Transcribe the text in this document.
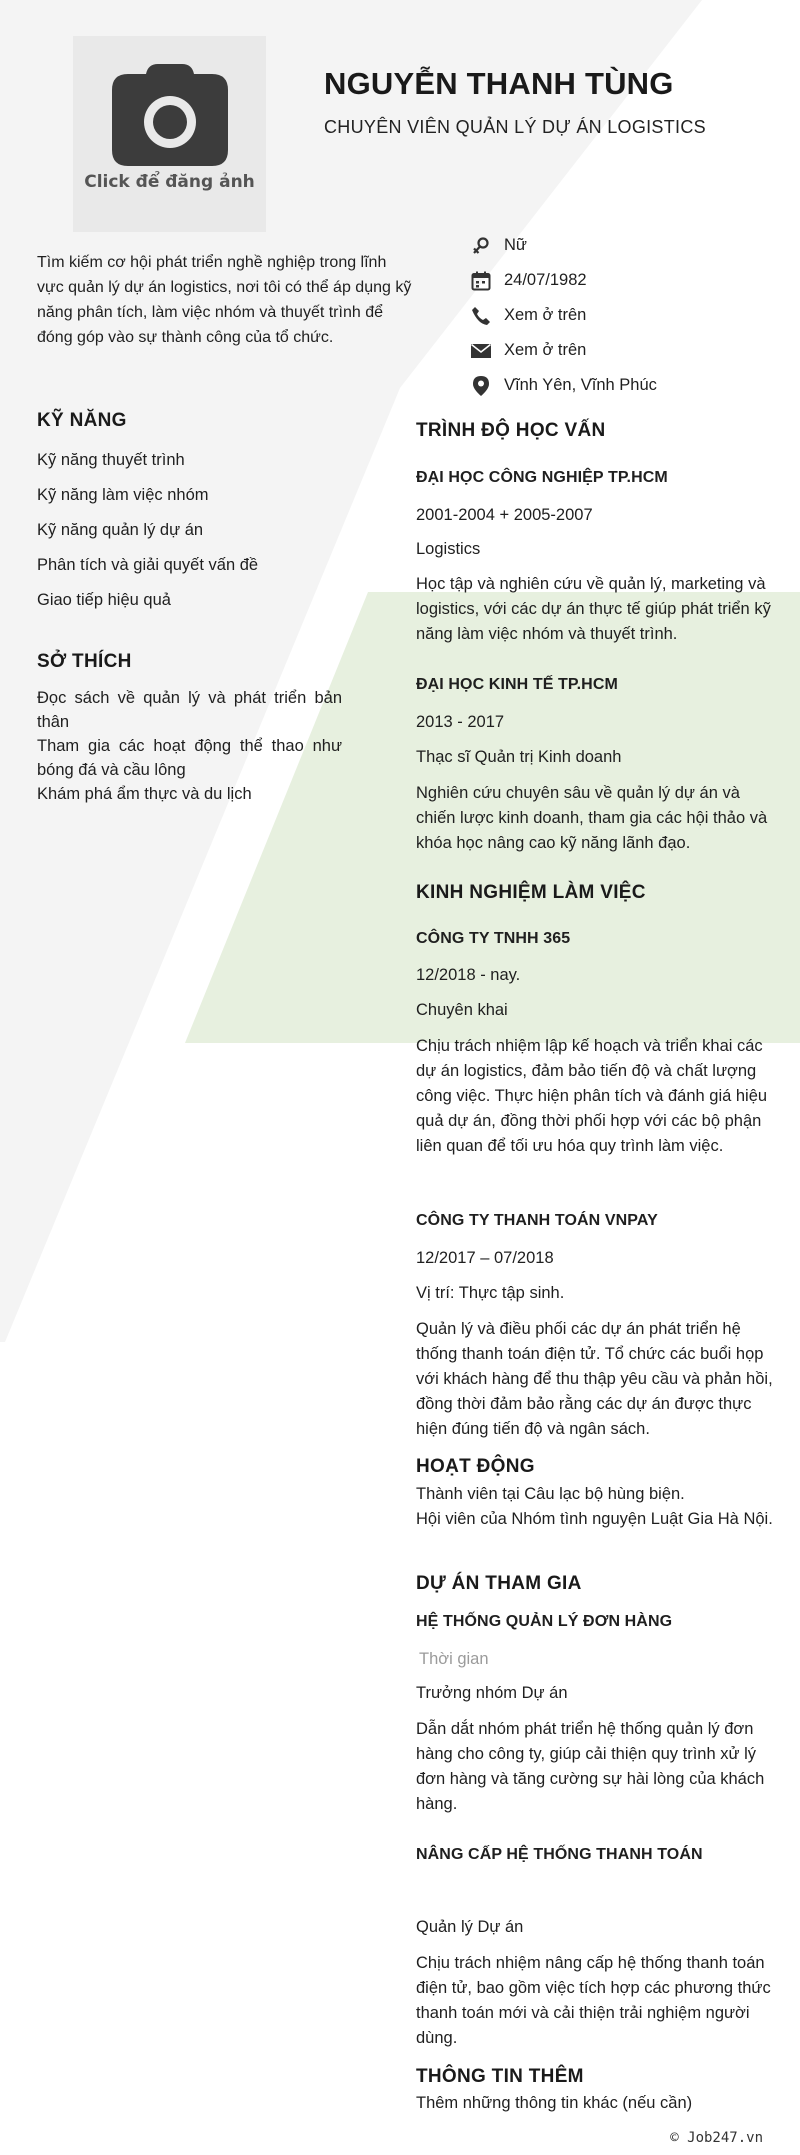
Click để đăng ảnh
NGUYỄN THANH TÙNG

CHUYÊN VIÊN QUẢN LÝ DỰ ÁN LOGISTICS

Tìm kiếm cơ hội phát triển nghề nghiệp trong lĩnh vực quản lý dự án logistics, nơi tôi có thể áp dụng kỹ năng phân tích, làm việc nhóm và thuyết trình để đóng góp vào sự thành công của tổ chức.

KỸ NĂNG
Kỹ năng thuyết trình
Kỹ năng làm việc nhóm
Kỹ năng quản lý dự án
Phân tích và giải quyết vấn đề
Giao tiếp hiệu quả
SỞ THÍCH
Đọc sách về quản lý và phát triển bản thân
Tham gia các hoạt động thể thao như bóng đá và cầu lông
Khám phá ẩm thực và du lịch
Nữ
24/07/1982
Xem ở trên
Xem ở trên
Vĩnh Yên, Vĩnh Phúc
TRÌNH ĐỘ HỌC VẤN

ĐẠI HỌC CÔNG NGHIỆP TP.HCM

2001-2004 + 2005-2007

Logistics

Học tập và nghiên cứu về quản lý, marketing và logistics, với các dự án thực tế giúp phát triển kỹ năng làm việc nhóm và thuyết trình.

ĐẠI HỌC KINH TẾ TP.HCM

2013 - 2017

Thạc sĩ Quản trị Kinh doanh

Nghiên cứu chuyên sâu về quản lý dự án và chiến lược kinh doanh, tham gia các hội thảo và khóa học nâng cao kỹ năng lãnh đạo.

KINH NGHIỆM LÀM VIỆC

CÔNG TY TNHH 365

12/2018 - nay.

Chuyên khai

Chịu trách nhiệm lập kế hoạch và triển khai các dự án logistics, đảm bảo tiến độ và chất lượng công việc. Thực hiện phân tích và đánh giá hiệu quả dự án, đồng thời phối hợp với các bộ phận liên quan để tối ưu hóa quy trình làm việc.

CÔNG TY THANH TOÁN VNPAY

12/2017 – 07/2018

Vị trí: Thực tập sinh.

Quản lý và điều phối các dự án phát triển hệ thống thanh toán điện tử. Tổ chức các buổi họp với khách hàng để thu thập yêu cầu và phản hồi, đồng thời đảm bảo rằng các dự án được thực hiện đúng tiến độ và ngân sách.

HOẠT ĐỘNG

Thành viên tại Câu lạc bộ hùng biện.

Hội viên của Nhóm tình nguyện Luật Gia Hà Nội.

DỰ ÁN THAM GIA

HỆ THỐNG QUẢN LÝ ĐƠN HÀNG

Thời gian

Trưởng nhóm Dự án

Dẫn dắt nhóm phát triển hệ thống quản lý đơn hàng cho công ty, giúp cải thiện quy trình xử lý đơn hàng và tăng cường sự hài lòng của khách hàng.

NÂNG CẤP HỆ THỐNG THANH TOÁN

Quản lý Dự án

Chịu trách nhiệm nâng cấp hệ thống thanh toán điện tử, bao gồm việc tích hợp các phương thức thanh toán mới và cải thiện trải nghiệm người dùng.

THÔNG TIN THÊM

Thêm những thông tin khác (nếu cần)

© Job247.vn
